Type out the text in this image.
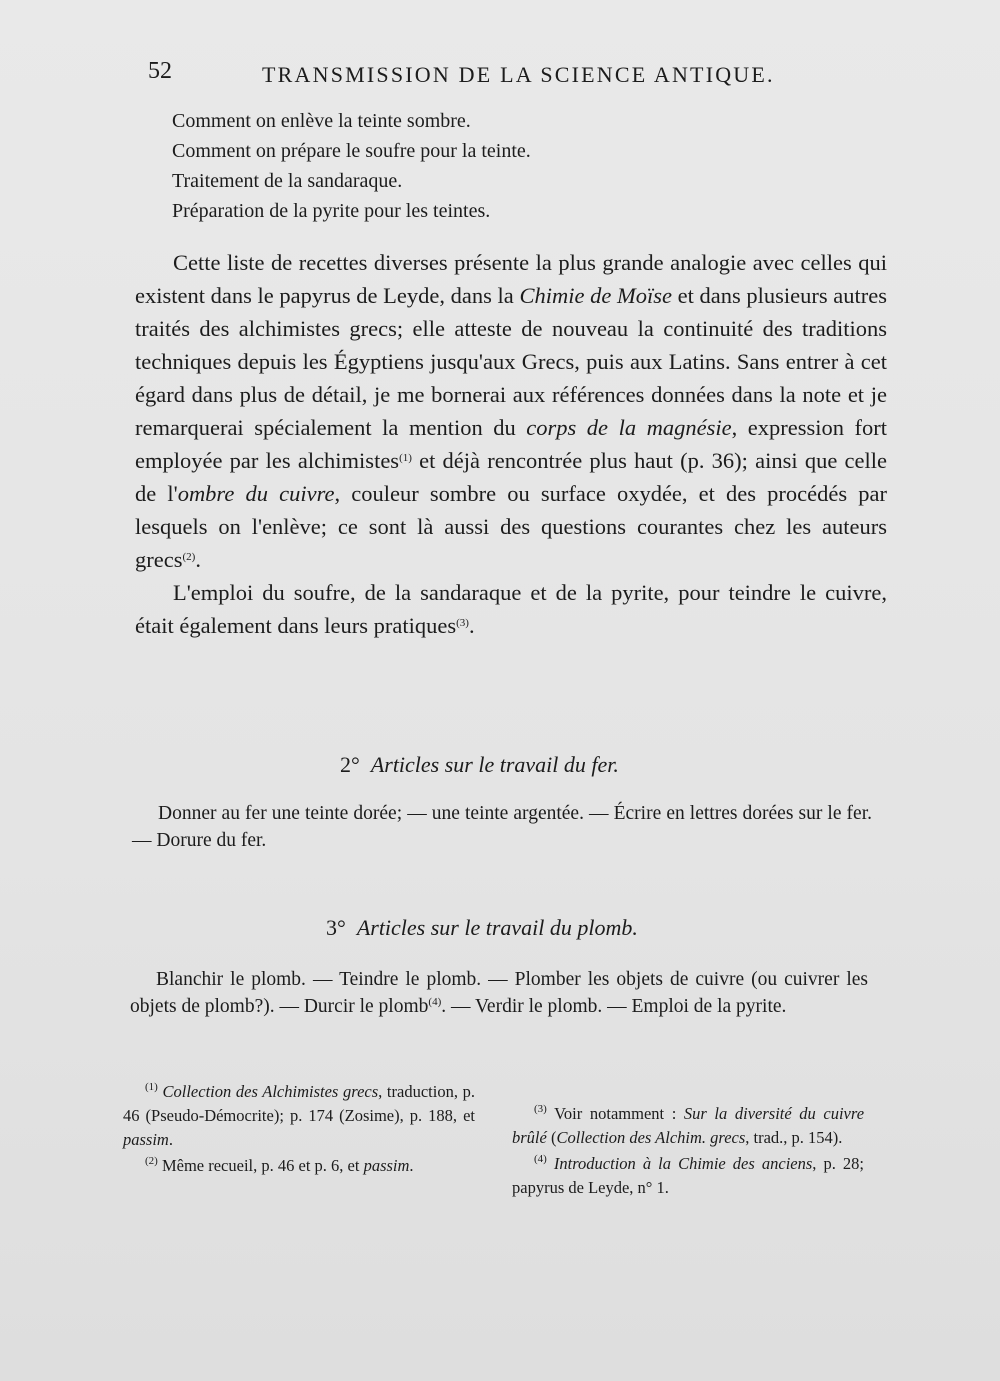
52	TRANSMISSION DE LA SCIENCE ANTIQUE.
Comment on enlève la teinte sombre.
Comment on prépare le soufre pour la teinte.
Traitement de la sandaraque.
Préparation de la pyrite pour les teintes.

Cette liste de recettes diverses présente la plus grande analogie avec celles qui existent dans le papyrus de Leyde, dans la Chimie de Moïse et dans plusieurs autres traités des alchimistes grecs; elle atteste de nouveau la continuité des traditions techniques depuis les Égyptiens jusqu'aux Grecs, puis aux Latins. Sans entrer à cet égard dans plus de détail, je me bornerai aux références données dans la note et je remarquerai spécialement la mention du corps de la magnésie, expression fort employée par les alchimistes$^{(1)}$ et déjà rencontrée plus haut (p. 36); ainsi que celle de l'ombre du cuivre, couleur sombre ou surface oxydée, et des procédés par lesquels on l'enlève; ce sont là aussi des questions courantes chez les auteurs grecs$^{(2)}$.

L'emploi du soufre, de la sandaraque et de la pyrite, pour teindre le cuivre, était également dans leurs pratiques$^{(3)}$.

2° Articles sur le travail du fer.

Donner au fer une teinte dorée; — une teinte argentée. — Écrire en lettres dorées sur le fer. — Dorure du fer.

3° Articles sur le travail du plomb.

Blanchir le plomb. — Teindre le plomb. — Plomber les objets de cuivre (ou cuivrer les objets de plomb?). — Durcir le plomb$^{(4)}$. — Verdir le plomb. — Emploi de la pyrite.

$^{(1)}$ Collection des Alchimistes grecs, traduction, p. 46 (Pseudo-Démocrite); p. 174 (Zosime), p. 188, et passim.

$^{(2)}$ Même recueil, p. 46 et p. 6, et passim.

$^{(3)}$ Voir notamment : Sur la diversité du cuivre brûlé (Collection des Alchim. grecs, trad., p. 154).

$^{(4)}$ Introduction à la Chimie des anciens, p. 28; papyrus de Leyde, n° 1.
